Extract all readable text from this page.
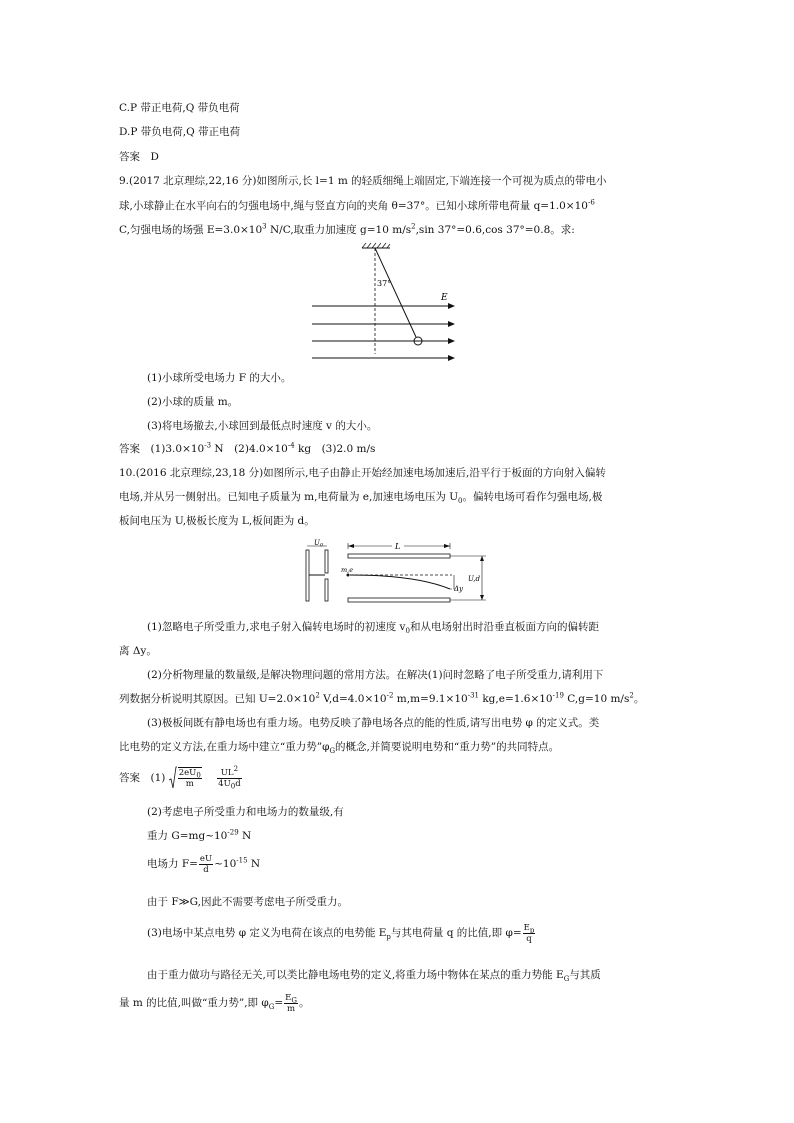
C.P 带正电荷,Q 带负电荷
D.P 带负电荷,Q 带正电荷
答案　D
9.(2017 北京理综,22,16 分)如图所示,长 l=1 m 的轻质细绳上端固定,下端连接一个可视为质点的带电小
球,小球静止在水平向右的匀强电场中,绳与竖直方向的夹角 θ=37°。已知小球所带电荷量 $q=1.0\times 10^{-6}$
C,匀强电场的场强 $E=3.0\times 10^3$ N/C,取重力加速度 g=10 $m/s^2,\sin$ 37°=0.6,cos 37°=0.8。求:
37°
E
(1)小球所受电场力 F 的大小。
(2)小球的质量 m。
(3)将电场撤去,小球回到最低点时速度 v 的大小。
答案　$(1)3.0\times 10^{-3}$ N　$(2)4.0\times 10^{-4}$ kg　(3)2.0 m/s
10.(2016 北京理综,23,18 分)如图所示,电子由静止开始经加速电场加速后,沿平行于板面的方向射入偏转
电场,并从另一侧射出。已知电子质量为 m,电荷量为 e,加速电场电压为 $U_0$。偏转电场可看作匀强电场,极
板间电压为 U,极板长度为 L,板间距为 d。
$U_0$	L
m,e
Δy
U,d
(1)忽略电子所受重力,求电子射入偏转电场时的初速度 $v_0$和从电场射出时沿垂直板面方向的偏转距
离 Δy。
(2)分析物理量的数量级,是解决物理问题的常用方法。在解决(1)问时忽略了电子所受重力,请利用下
列数据分析说明其原因。已知 $U=2.0\times 10^2$ $V,d=4.0\times 10^{-2}$ $m,m=9.1\times 10^{-31}$ $kg,e=1.6\times 10^{-19}$ C,g=10 $m/s^2$。
(3)极板间既有静电场也有重力场。电势反映了静电场各点的能的性质,请写出电势 φ 的定义式。类
比电势的定义方法,在重力场中建立“重力势$”\varphi_G$的概念,并简要说明电势和“重力势”的共同特点。
答案　$(1) \frac{2eU_0}{m}$
$\frac{UL^2}{4U_0d}$
(2)考虑电子所受重力和电场力的数量级,有
重力 $G=mg\sim 10^{-29}$ N
电场力 $F= \frac{eU}{d}$ $\sim 10^{-15}$ N
由于 F≫G,因此不需要考虑电子所受重力。
(3)电场中某点电势 φ 定义为电荷在该点的电势能 $E_p$与其电荷量 q 的比值,即 $\varphi= \frac{E_p}{q}$
由于重力做功与路径无关,可以类比静电场电势的定义,将重力场中物体在某点的重力势能 $E_G$与其质
量 m 的比值,叫做“重力势”,即 $\varphi_G= \frac{E_G}{m}$ 。
